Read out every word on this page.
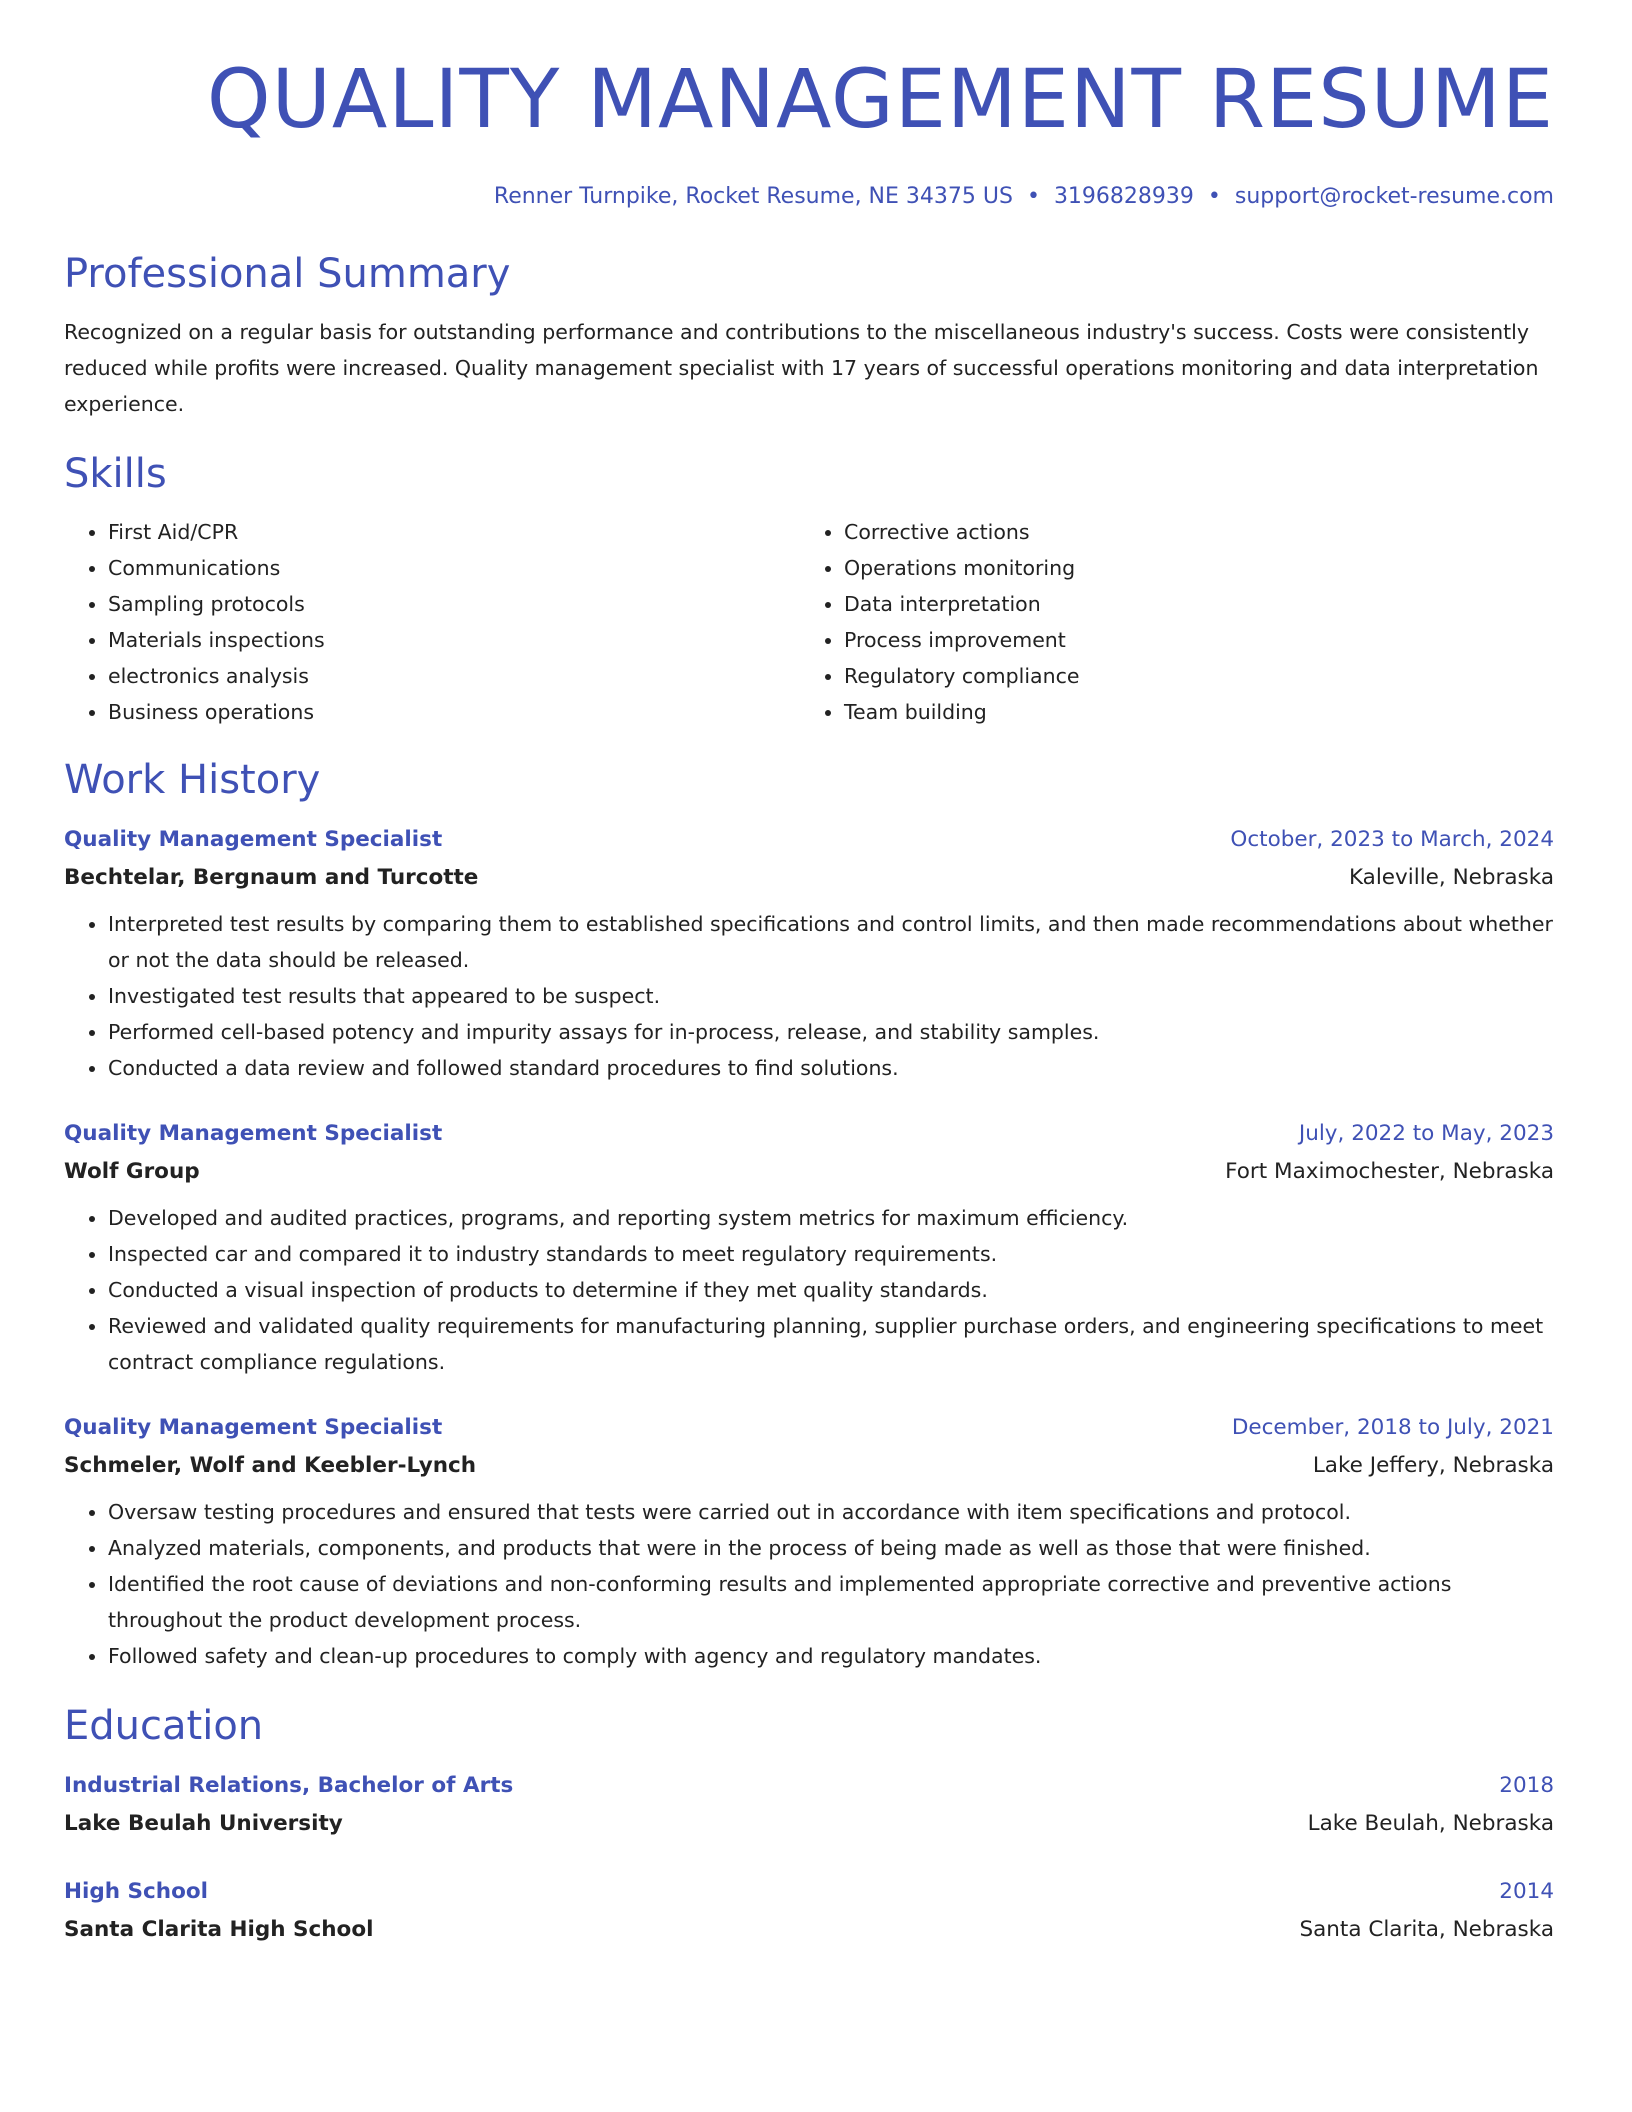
QUALITY MANAGEMENT RESUME
Renner Turnpike, Rocket Resume, NE 34375 US • 3196828939 • support@rocket-resume.com
Professional Summary
Recognized on a regular basis for outstanding performance and contributions to the miscellaneous industry's success. Costs were consistently reduced while profits were increased. Quality management specialist with 17 years of successful operations monitoring and data interpretation experience.
Skills
• First Aid/CPR
• Communications
• Sampling protocols
• Materials inspections
• electronics analysis
• Business operations
• Corrective actions
• Operations monitoring
• Data interpretation
• Process improvement
• Regulatory compliance
• Team building
Work History
Quality Management Specialist	October, 2023 to March, 2024
Bechtelar, Bergnaum and Turcotte	Kaleville, Nebraska
• Interpreted test results by comparing them to established specifications and control limits, and then made recommendations about whether or not the data should be released.
• Investigated test results that appeared to be suspect.
• Performed cell-based potency and impurity assays for in-process, release, and stability samples.
• Conducted a data review and followed standard procedures to find solutions.
Quality Management Specialist	July, 2022 to May, 2023
Wolf Group	Fort Maximochester, Nebraska
• Developed and audited practices, programs, and reporting system metrics for maximum efficiency.
• Inspected car and compared it to industry standards to meet regulatory requirements.
• Conducted a visual inspection of products to determine if they met quality standards.
• Reviewed and validated quality requirements for manufacturing planning, supplier purchase orders, and engineering specifications to meet contract compliance regulations.
Quality Management Specialist	December, 2018 to July, 2021
Schmeler, Wolf and Keebler-Lynch	Lake Jeffery, Nebraska
• Oversaw testing procedures and ensured that tests were carried out in accordance with item specifications and protocol.
• Analyzed materials, components, and products that were in the process of being made as well as those that were finished.
• Identified the root cause of deviations and non-conforming results and implemented appropriate corrective and preventive actions throughout the product development process.
• Followed safety and clean-up procedures to comply with agency and regulatory mandates.
Education
Industrial Relations, Bachelor of Arts	2018
Lake Beulah University	Lake Beulah, Nebraska
High School	2014
Santa Clarita High School	Santa Clarita, Nebraska
